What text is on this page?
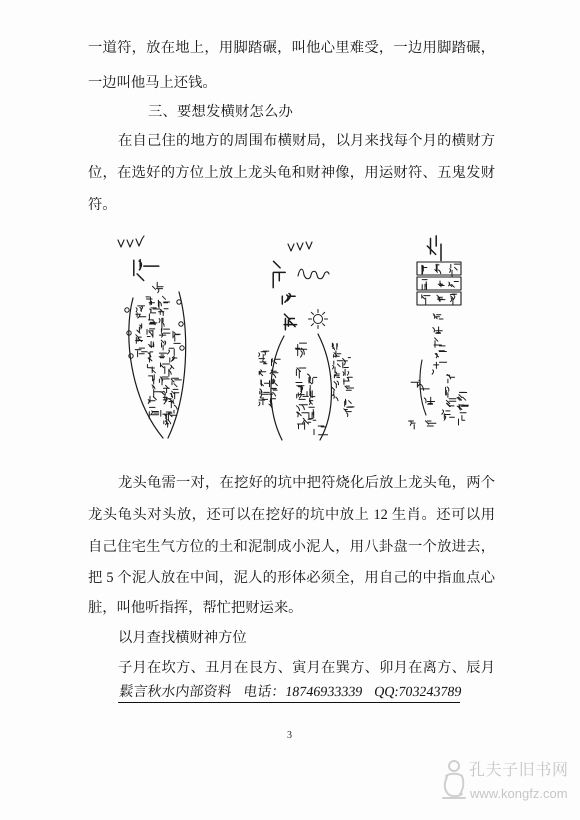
一道符，放在地上，用脚踏碾，叫他心里难受，一边用脚踏碾，
一边叫他马上还钱。
三、要想发横财怎么办
在自己住的地方的周围布横财局，以月来找每个月的横财方
位，在选好的方位上放上龙头龟和财神像，用运财符、五鬼发财
符。
龙头龟需一对，在挖好的坑中把符烧化后放上龙头龟，两个
龙头龟头对头放，还可以在挖好的坑中放上 12 生肖。还可以用
自己住宅生气方位的土和泥制成小泥人，用八卦盘一个放进去，
把 5 个泥人放在中间，泥人的形体必须全，用自己的中指血点心
脏，叫他听指挥，帮忙把财运来。
以月查找横财神方位
子月在坎方、丑月在艮方、寅月在巽方、卯月在离方、辰月
鬏言秋水内部资料 电话：18746933339 QQ:703243789
3
孔夫子旧书网
www.kongfz.com
